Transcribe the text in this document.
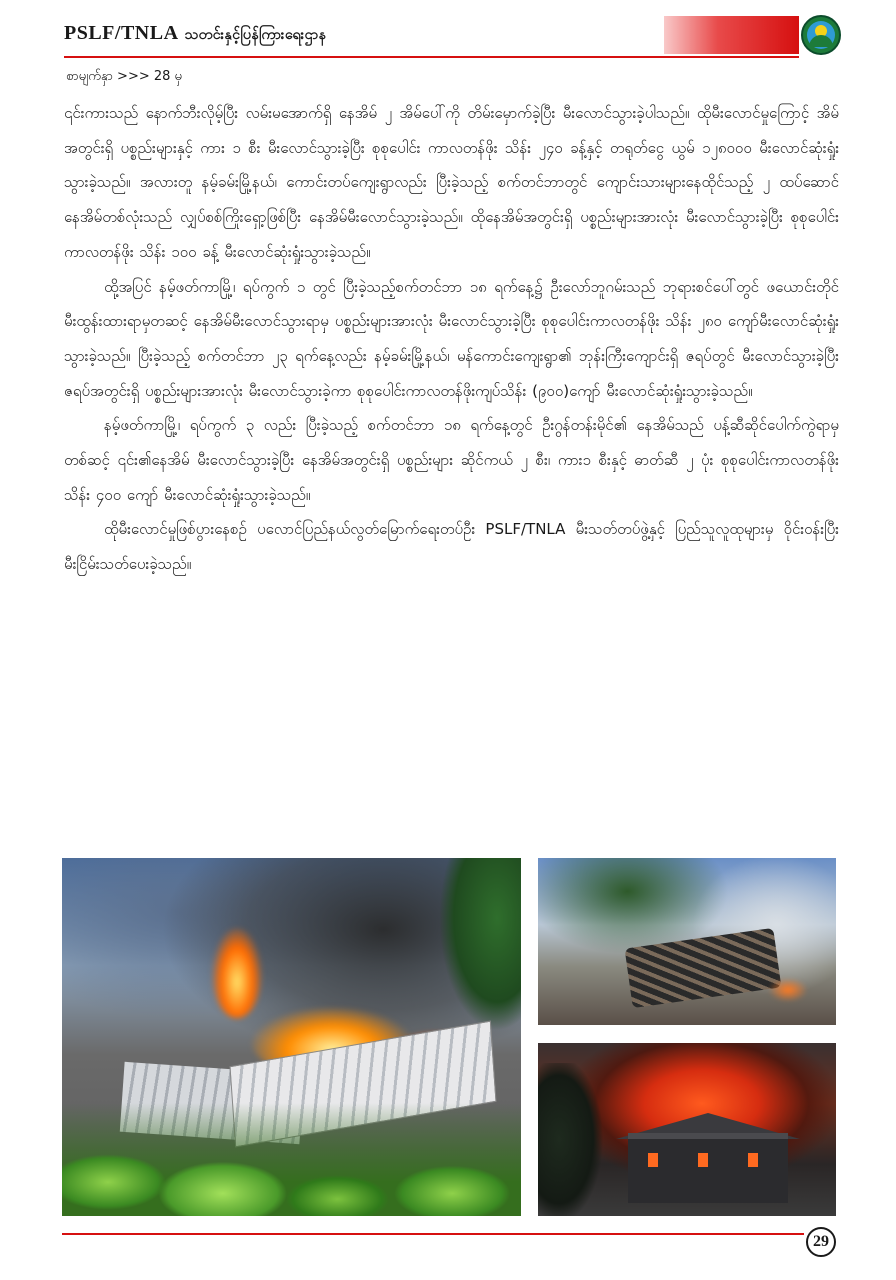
PSLF/TNLA သတင်းနှင့်ပြန်ကြားရေးဌာန
စာမျက်နှာ >>> 28 မှ

၎င်းကားသည် နောက်ဘီးလိုမ့်ပြီး လမ်းမအောက်ရှိ နေအိမ် ၂ အိမ်ပေါ်ကို တိမ်းမှောက်ခဲ့ပြီး မီးလောင်သွားခဲ့ပါသည်။ ထိုမီးလောင်မှုကြောင့် အိမ်အတွင်းရှိ ပစ္စည်းများနှင့် ကား ၁ စီး မီးလောင်သွားခဲ့ပြီး စုစုပေါင်း ကာလတန်ဖိုး သိန်း ၂၄၀ ခန့်နှင့် တရုတ်ငွေ ယွမ် ၁၂၈၀၀၀ မီးလောင်ဆုံးရှုံးသွားခဲ့သည်။ အလားတူ နမ့်ခမ်းမြို့နယ်၊ ကောင်းတပ်ကျေးရွာလည်း ပြီးခဲ့သည့် စက်တင်ဘာတွင် ကျောင်းသားများနေထိုင်သည့် ၂ ထပ်ဆောင် နေအိမ်တစ်လုံးသည် လျှပ်စစ်ကြိုးရှော့ဖြစ်ပြီး နေအိမ်မီးလောင်သွားခဲ့သည်။ ထိုနေအိမ်အတွင်းရှိ ပစ္စည်းများအားလုံး မီးလောင်သွားခဲ့ပြီး စုစုပေါင်းကာလတန်ဖိုး သိန်း ၁၀၀ ခန့် မီးလောင်ဆုံးရှုံးသွားခဲ့သည်။

ထို့အပြင် နမ့်ဖတ်ကာမြို့၊ ရပ်ကွက် ၁ တွင် ပြီးခဲ့သည့်စက်တင်ဘာ ၁၈ ရက်နေ့၌ ဦးလော်ဘူဂမ်းသည် ဘုရားစင်ပေါ်တွင် ဖယောင်းတိုင်မီးထွန်းထားရာမှတဆင့် နေအိမ်မီးလောင်သွားရာမှ ပစ္စည်းများအားလုံး မီးလောင်သွားခဲ့ပြီး စုစုပေါင်းကာလတန်ဖိုး သိန်း ၂၈၀ ကျော်မီးလောင်ဆုံးရှုံးသွားခဲ့သည်။ ပြီးခဲ့သည့် စက်တင်ဘာ ၂၃ ရက်နေ့လည်း နမ့်ခမ်းမြို့နယ်၊ မန်ကောင်းကျေးရွာ၏ ဘုန်းကြီးကျောင်းရှိ ဇရပ်တွင် မီးလောင်သွားခဲ့ပြီးဇရပ်အတွင်းရှိ ပစ္စည်းများအားလုံး မီးလောင်သွားခဲ့ကာ စုစုပေါင်းကာလတန်ဖိုးကျပ်သိန်း (၉၀၀)ကျော် မီးလောင်ဆုံးရှုံးသွားခဲ့သည်။

နမ့်ဖတ်ကာမြို့၊ ရပ်ကွက် ၃ လည်း ပြီးခဲ့သည့် စက်တင်ဘာ ၁၈ ရက်နေ့တွင် ဦးဂွန်တန်းမိုင်၏ နေအိမ်သည် ပန့်ဆီဆိုင်ပေါက်ကွဲရာမှတစ်ဆင့် ၎င်း၏နေအိမ် မီးလောင်သွားခဲ့ပြီး နေအိမ်အတွင်းရှိ ပစ္စည်းများ ဆိုင်ကယ် ၂ စီး၊ ကား၁ စီးနှင့် ဓာတ်ဆီ ၂ ပုံး စုစုပေါင်းကာလတန်ဖိုး သိန်း ၄၀၀ ကျော် မီးလောင်ဆုံးရှုံးသွားခဲ့သည်။

ထိုမီးလောင်မှုဖြစ်ပွားနေစဉ် ပလောင်ပြည်နယ်လွတ်မြောက်ရေးတပ်ဦး PSLF/TNLA မီးသတ်တပ်ဖွဲ့နှင့် ပြည်သူလူထုများမှ ဝိုင်းဝန်းပြီး မီးငြိမ်းသတ်ပေးခဲ့သည်။

29
